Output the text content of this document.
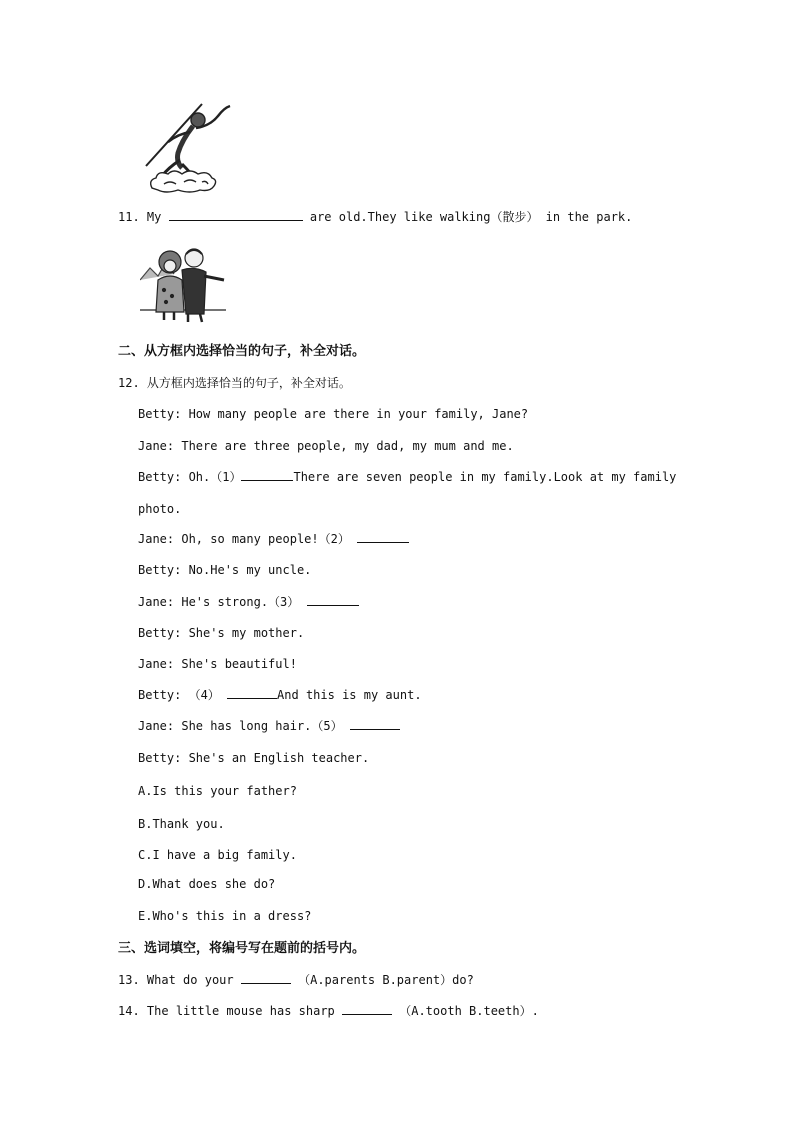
11. My	are old.They like walking（散步） in the park.
二、从方框内选择恰当的句子，补全对话。
12. 从方框内选择恰当的句子，补全对话。
Betty: How many people are there in your family, Jane?
Jane: There are three people, my dad, my mum and me.
Betty: Oh.（1）	There are seven people in my family.Look at my family
photo.
Jane: Oh, so many people!（2）
Betty: No.He's my uncle.
Jane: He's strong.（3）
Betty: She's my mother.
Jane: She's beautiful!
Betty: （4）	And this is my aunt.
Jane: She has long hair.（5）
Betty: She's an English teacher.
A.Is this your father?
B.Thank you.
C.I have a big family.
D.What does she do?
E.Who's this in a dress?
三、选词填空，将编号写在题前的括号内。
13. What do your	（A.parents B.parent）do?
14. The little mouse has sharp	（A.tooth B.teeth）.
